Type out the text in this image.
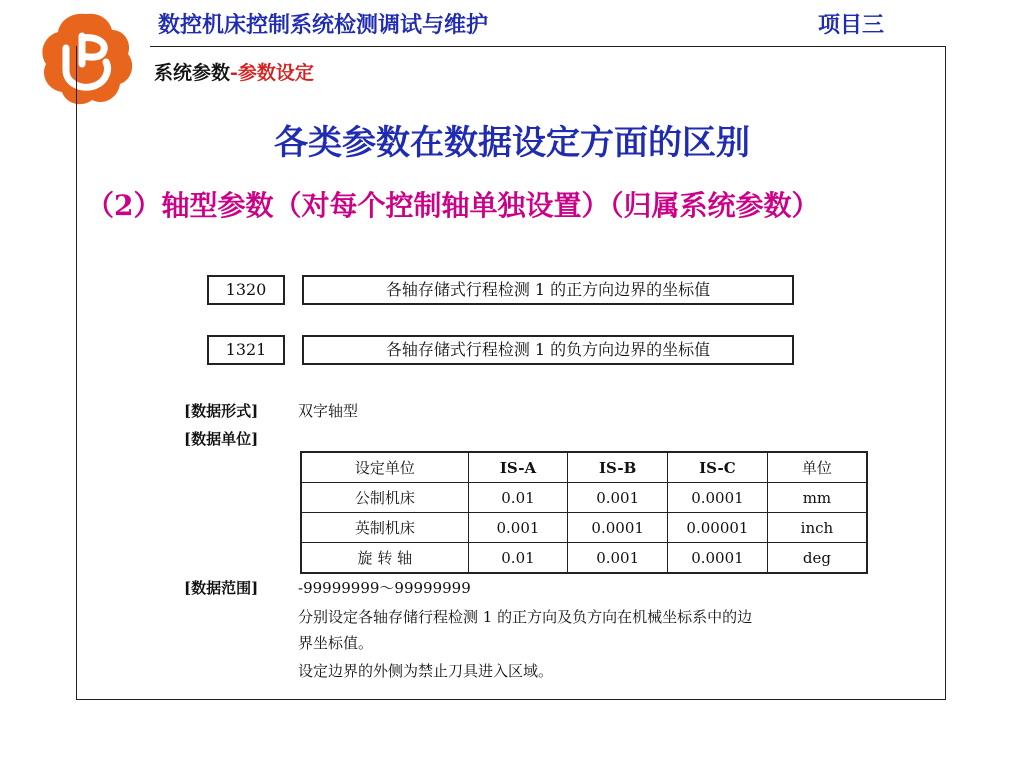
数控机床控制系统检测调试与维护	项目三
系统参数-参数设定
各类参数在数据设定方面的区别
（2）轴型参数（对每个控制轴单独设置）（归属系统参数）
1320	各轴存储式行程检测 1 的正方向边界的坐标值
1321	各轴存储式行程检测 1 的负方向边界的坐标值
[数据形式]	双字轴型
[数据单位]
设定单位	IS-A	IS-B	IS-C	单位
公制机床	0.01	0.001	0.0001	mm
英制机床	0.001	0.0001	0.00001	inch
旋 转 轴	0.01	0.001	0.0001	deg
[数据范围]	-99999999～99999999
分别设定各轴存储行程检测 1 的正方向及负方向在机械坐标系中的边
界坐标值。
设定边界的外侧为禁止刀具进入区域。
